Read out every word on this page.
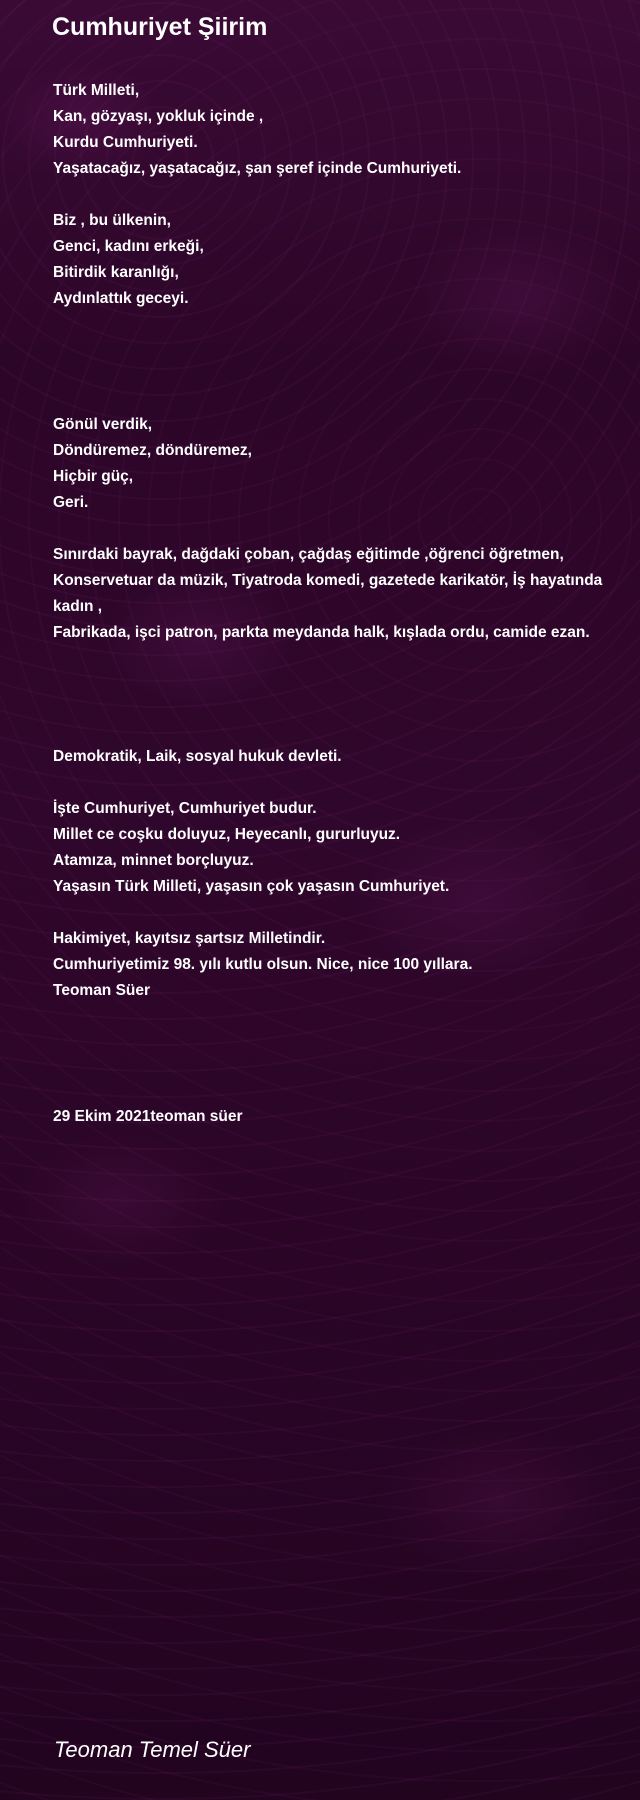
Cumhuriyet Şiirim
Türk Milleti,
Kan, gözyaşı, yokluk içinde ,
Kurdu Cumhuriyeti.
Yaşatacağız, yaşatacağız, şan şeref içinde Cumhuriyeti.
Biz , bu ülkenin,
Genci, kadını erkeği,
Bitirdik karanlığı,
Aydınlattık geceyi.
Gönül verdik,
Döndüremez, döndüremez,
Hiçbir güç,
Geri.
Sınırdaki bayrak, dağdaki çoban, çağdaş eğitimde ,öğrenci öğretmen,
Konservetuar da müzik, Tiyatroda komedi, gazetede karikatör, İş hayatında kadın ,
Fabrikada, işci patron, parkta meydanda halk, kışlada ordu, camide ezan.
Demokratik, Laik, sosyal hukuk devleti.
İşte Cumhuriyet, Cumhuriyet budur.
Millet ce coşku doluyuz, Heyecanlı, gururluyuz.
Atamıza, minnet borçluyuz.
Yaşasın Türk Milleti, yaşasın çok yaşasın Cumhuriyet.
Hakimiyet, kayıtsız şartsız Milletindir.
Cumhuriyetimiz 98. yılı kutlu olsun. Nice, nice 100 yıllara.
Teoman Süer
29 Ekim 2021teoman süer
Teoman Temel Süer
